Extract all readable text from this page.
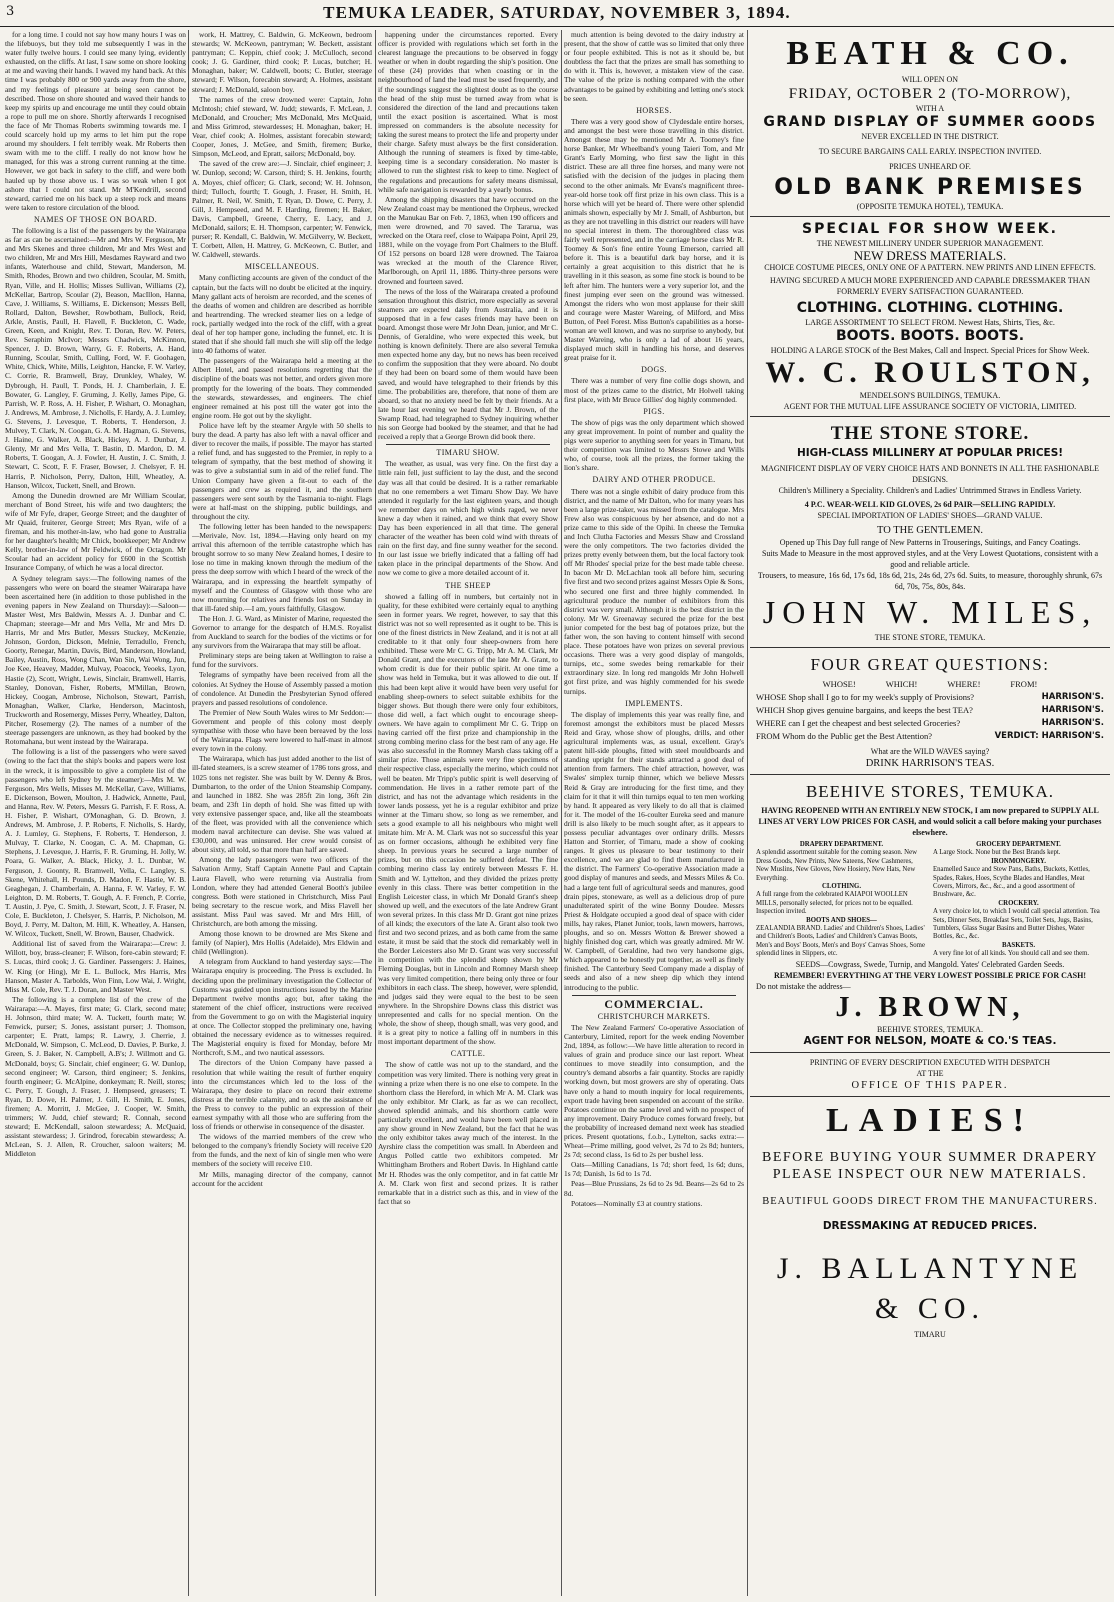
3	TEMUKA LEADER, SATURDAY, NOVEMBER 3, 1894.

for a long time. I could not say how many hours I was on the lifebuoys, but they told me subsequently I was in the water fully twelve hours. I could see many lying, evidently exhausted, on the cliffs. At last, I saw some on shore looking at me and waving their hands. I waved my hand back. At this time I was probably 800 or 900 yards away from the shore, and my feelings of pleasure at being seen cannot be described. Those on shore shouted and waved their hands to keep my spirits up and encourage me until they could obtain a rope to pull me on shore. Shortly afterwards I recognised the face of Mr Thomas Roberts swimming towards me. I could scarcely hold up my arms to let him put the rope around my shoulders. I felt terribly weak. Mr Roberts then swam with me to the cliff. I really do not know how he managed, for this was a strong current running at the time. However, we got back in safety to the cliff, and were both hauled up by those above us. I was so weak when I got ashore that I could not stand. Mr M'Kendrill, second steward, carried me on his back up a steep rock and means were taken to restore circulation of the blood.

NAMES OF THOSE ON BOARD.

The following is a list of the passengers by the Wairarapa as far as can be ascertained:—Mr and Mrs W. Ferguson, Mr and Mrs Skenes and three children, Mr and Mrs West and two children, Mr and Mrs Hill, Mesdames Rayward and two infants, Waterhouse and child, Stewart, Manderson, M. Smith, Rhodes, Brown and two children, Scoular, M. Smith, Ryan, Ville, and H. Hollis; Misses Sullivan, Williams (2), McKellar, Bartrop, Scoular (2), Beason, MacIllon, Hanna, Cave, J. Williams, S. Williams, E. Dickenson; Messrs Bell, Rollard, Dalton, Bewsher, Rowbotham, Bullock, Reid, Arkle, Anstis, Paull, H. Flavell, F. Buckleton, C. Wade, Green, Keen, and Knight, Rev. T. Doran, Rev. W. Peters, Rev. Seraphim McIvor; Messrs Chadwick, McKinnon, Spencer, J. D. Brown, Warry, G. F. Roberts, A. Hand, Running, Scoular, Smith, Culling, Ford, W. F. Goohagen, White, Chick, White, Mills, Leighton, Hancke, F. W. Varley, C. Corrie, R. Bramwell, Bray, Drunkley, Whaley, W. Dybrough, H. Paull, T. Ponds, H. J. Chamberlain, J. E. Bowater, G. Langley, F. Gruming, J. Kelly, James Pipe, G. Parrish, W. P. Ross, A. H. Fisher, P. Wishart, O. Monaghan, J. Andrews, M. Ambrose, J. Nicholls, F. Hardy, A. J. Lumley, G. Stevens, J. Levesque, T. Roberts, T. Henderson, J. Mulvey, T. Clark, N. Coogan, G. A. M. Hagman, G. Stevens, J. Haine, G. Walker, A. Black, Hickey, A. J. Dunbar, J. Glenty, Mr and Mrs Vella, T. Bastin, D. Mardon, D. M. Roberts, T. Googan, A. J. Fowler, H. Austin, J. C. Smith, J. Stewart, C. Scott, F. F. Fraser, Bowser, J. Chelsyer, F. H. Harris, P. Nicholson, Perry, Dalton, Hill, Wheatley, A. Hanson, Wilcox, Tuckett, Snell, and Brown.

Among the Dunedin drowned are Mr William Scoular, merchant of Bond Street, his wife and two daughters; the wife of Mr Fyfe, draper, George Street; and the daughter of Mr Quaid, fruiterer, George Street; Mrs Ryan, wife of a fireman, and his mother-in-law, who had gone to Australia for her daughter's health; Mr Chick, bookkeeper; Mr Andrew Kelly, brother-in-law of Mr Feldwick, of the Octagon. Mr Scoular had an accident policy for £600 in the Scottish Insurance Company, of which he was a local director.

A Sydney telegram says:—The following names of the passengers who were on board the steamer Wairarapa have been ascertained here (in addition to those published in the evening papers in New Zealand on Thursday):—Saloon—Master West, Mrs Baldwin, Messrs A. J. Dunbar and C. Chapman; steerage—Mr and Mrs Vella, Mr and Mrs D. Harris, Mr and Mrs Butler, Messrs Stuckey, McKenzie, Johnson, Gordon, Dickson, Melnie, Terradullo, French, Goorty, Renegar, Martin, Davis, Bird, Manderson, Howland, Bailey, Austin, Ross, Wong Chan, Wan Sin, Wai Wong, Jun, Joe Kee, Heavey, Madder, Mulvay, Poacock, Yeoeks, Lyon, Hastie (2), Scott, Wright, Lewis, Sinclair, Bramwell, Harris, Stanley, Donovan, Fisher, Roberts, M'Millan, Brown, Hickey, Coogan, Ambrose, Nicholson, Stewart, Parrish, Monaghan, Walker, Clarke, Henderson, Macintosh, Truckworth and Rosemergy, Misses Perry, Wheatley, Dalton, Pitcher, Rosemergy (2). The names of a number of the steerage passengers are unknown, as they had booked by the Rotomahana, but went instead by the Wairarapa.

The following is a list of the passengers who were saved (owing to the fact that the ship's books and papers were lost in the wreck, it is impossible to give a complete list of the passengers who left Sydney by the steamer):—Mrs M. W. Ferguson, Mrs Wells, Misses M. McKellar, Cave, Williams, E. Dickenson, Bowen, Moulton, J. Hadwick, Annette, Paul, and Hanna, Rev. W. Peters, Messrs G. Parrish, F. F. Ross, A. H. Fisher, P. Wishart, O'Monaghan, G. D. Brown, J. Andrews, M. Ambrose, J. P. Roberts, F. Nicholls, S. Hardy, A. J. Lumley, G. Stephens, F. Roberts, T. Henderson, J. Mulvay, T. Clarke, N. Coogan, C. A. M. Chapman, G. Stephens, J. Levesque, J. Harris, F. R. Gruming, H. Jolly, W. Poara, G. Walker, A. Black, Hicky, J. L. Dunbar, W. Ferguson, J. Goonty, R. Bramwell, Vella, C. Langley, S. Skene, Whitehall, H. Pounds, D. Madon, F. Hastie, W. B. Geaghegan, J. Chamberlain, A. Hanna, F. W. Varley, F. W. Leighton, D. M. Roberts, T. Gough, A. F. French, P. Corrie, T. Austin, J. Pye, C. Smith, J. Stewart, Scott, J. F. Fraser, N. Cole, E. Buckleton, J. Chelsyer, S. Harris, P. Nicholson, M. Boyd, J. Perry, M. Dalton, M. Hill, K. Wheatley, A. Hansen, W. Wilcox, Tuckett, Snell, W. Brown, Bauser, Chadwick.

Additional list of saved from the Wairarapa:—Crew: J. Willott, boy, brass-cleaner; F. Wilson, fore-cabin steward; F. S. Lucas, third cook; J. G. Gardiner. Passengers: J. Haines, W. King (or Hing), Mr E. L. Bullock, Mrs Harris, Mrs Hanson, Master A. Tarbolds, Won Finn, Low Wai, J. Wright, Miss M. Cole, Rev. T. J. Doran, and Master West.

The following is a complete list of the crew of the Wairarapa:—A. Mayes, first mate; G. Clark, second mate; H. Johnson, third mate; W. A. Tuckett, fourth mate; W. Fenwick, purser; S. Jones, assistant purser; J. Thomson, carpenter; E. Pratt, lamps; R. Lawry, J. Cherrie, J. McDonald, W. Simpson, C. McLeod, D. Davies, P. Burke, J. Green, S. J. Baker, N. Campbell, A.B's; J. Willmott and G. McDonald, boys; G. Sinclair, chief engineer; G. W. Dunlop, second engineer; W. Carson, third engineer; S. Jenkins, fourth engineer; G. McAlpine, donkeyman; R. Neill, stores; C. Perry, T. Gough, J. Fraser, J. Hempseed, greasers; T. Ryan, D. Dowe, H. Palmer, J. Gill, H. Smith, E. Jones, firemen; A. Morritt, J. McGee, J. Cooper, W. Smith, trimmers; W. Judd, chief steward; R. Connah, second steward; E. McKendall, saloon stewardess; A. McQuaid, assistant stewardess; J. Grindrod, forecabin stewardess; A. McLean, S. J. Allen, R. Croucher, saloon waiters; M. Middleton

work, H. Mattrey, C. Baldwin, G. McKeown, bedroom stewards; W. McKeown, pantryman; W. Beckett, assistant pantryman; C. Keppin, chief cook; J. McCulloch, second cook; J. G. Gardiner, third cook; P. Lucas, butcher; H. Monaghan, baker; W. Caldwell, boots; C. Butler, steerage steward; F. Wilson, forecabin steward; A. Holmes, assistant steward; J. McDonald, saloon boy.

The names of the crew drowned were: Captain, John McIntosh; chief steward, W. Judd; stewards, F. McLean, J. McDonald, and Croucher; Mrs McDonald, Mrs McQuaid, and Miss Grimrod, stewardesses; H. Monaghan, baker; H. Vear, chief cook; A. Holmes, assistant forecabin steward; Cooper, Jones, J. McGee, and Smith, firemen; Burke, Simpson, McLeod, and Epratt, sailors; McDonald, boy.

The saved of the crew are:—J. Sinclair, chief engineer; J. W. Dunlop, second; W. Carson, third; S. H. Jenkins, fourth; A. Moyes, chief officer; G. Clark, second; W. H. Johnson, third; Tulloch, fourth; T. Gough, J. Fraser, H. Smith, H. Palmer, R. Neil, W. Smith, T. Ryan, D. Dowe, C. Perry, J. Gill, J. Hempseed, and M. F. Harding, firemen; H. Baker, Davis, Campbell, Greene, Cherry, E. Lacy, and J. McDonald, sailors; E. H. Thompson, carpenter; W. Fenwick, purser; R. Kendall, C. Baldwin, W. McGilverry, W. Beckett, T. Corbett, Allen, H. Mattrey, G. McKeown, C. Butler, and W. Caldwell, stewards.

MISCELLANEOUS.

Many conflicting accounts are given of the conduct of the captain, but the facts will no doubt be elicited at the inquiry. Many gallant acts of heroism are recorded, and the scenes of the deaths of women and children are described as horrible and heartrending. The wrecked steamer lies on a ledge of rock, partially wedged into the rock of the cliff, with a great deal of her top hamper gone, including the funnel, etc. It is stated that if she should fall much she will slip off the ledge into 40 fathoms of water.

The passengers of the Wairarapa held a meeting at the Albert Hotel, and passed resolutions regretting that the discipline of the boats was not better, and orders given more promptly for the lowering of the boats. They commended the stewards, stewardesses, and engineers. The chief engineer remained at his post till the water got into the engine room. He got out by the skylight.

Police have left by the steamer Argyle with 50 shells to bury the dead. A party has also left with a naval officer and diver to recover the mails, if possible. The mayor has started a relief fund, and has suggested to the Premier, in reply to a telegram of sympathy, that the best method of showing it was to give a substantial sum in aid of the relief fund. The Union Company have given a fit-out to each of the passengers and crew as required it, and the southern passengers were sent south by the Tasmania to-night. Flags were at half-mast on the shipping, public buildings, and throughout the city.

The following letter has been handed to the newspapers:—Merivale, Nov. 1st, 1894.—Having only heard on my arrival this afternoon of the terrible catastrophe which has brought sorrow to so many New Zealand homes, I desire to lose no time in making known through the medium of the press the deep sorrow with which I heard of the wreck of the Wairarapa, and in expressing the heartfelt sympathy of myself and the Countess of Glasgow with those who are now mourning for relatives and friends lost on Sunday in that ill-fated ship.—I am, yours faithfully, Glasgow.

The Hon. J. G. Ward, as Minister of Marine, requested the Governor to arrange for the despatch of H.M.S. Royalist from Auckland to search for the bodies of the victims or for any survivors from the Wairarapa that may still be afloat.

Preliminary steps are being taken at Wellington to raise a fund for the survivors.

Telegrams of sympathy have been received from all the colonies. At Sydney the House of Assembly passed a motion of condolence. At Dunedin the Presbyterian Synod offered prayers and passed resolutions of condolence.

The Premier of New South Wales wires to Mr Seddon:—Government and people of this colony most deeply sympathise with those who have been bereaved by the loss of the Wairarapa. Flags were lowered to half-mast in almost every town in the colony.

The Wairarapa, which has just added another to the list of ill-fated steamers, is a screw steamer of 1786 tons gross, and 1025 tons net register. She was built by W. Denny & Bros, Dumbarton, to the order of the Union Steamship Company, and launched in 1882. She was 285ft 2in long, 36ft 2in beam, and 23ft 1in depth of hold. She was fitted up with very extensive passenger space, and, like all the steamboats of the fleet, was provided with all the convenience which modern naval architecture can devise. She was valued at £30,000, and was uninsured. Her crew would consist of about sixty, all told, so that more than half are saved.

Among the lady passengers were two officers of the Salvation Army, Staff Captain Annette Paul and Captain Laura Flavell, who were returning via Australia from London, where they had attended General Booth's jubilee congress. Both were stationed in Christchurch, Miss Paul being secretary to the rescue work, and Miss Flavell her assistant. Miss Paul was saved. Mr and Mrs Hill, of Christchurch, are both among the missing.

Among those known to be drowned are Mrs Skene and family (of Napier), Mrs Hollis (Adelaide), Mrs Eldwin and child (Wellington).

A telegram from Auckland to hand yesterday says:—The Wairarapa enquiry is proceeding. The Press is excluded. In deciding upon the preliminary investigation the Collector of Customs was guided upon instructions issued by the Marine Department twelve months ago; but, after taking the statement of the chief officer, instructions were received from the Government to go on with the Magisterial inquiry at once. The Collector stopped the preliminary one, having obtained the necessary evidence as to witnesses required. The Magisterial enquiry is fixed for Monday, before Mr Northcroft, S.M., and two nautical assessors.

The directors of the Union Company have passed a resolution that while waiting the result of further enquiry into the circumstances which led to the loss of the Wairarapa, they desire to place on record their extreme distress at the terrible calamity, and to ask the assistance of the Press to convey to the public an expression of their earnest sympathy with all those who are suffering from the loss of friends or otherwise in consequence of the disaster.

The widows of the married members of the crew who belonged to the company's friendly Society will receive £20 from the funds, and the next of kin of single men who were members of the society will receive £10.

Mr Mills, managing director of the company, cannot account for the accident

happening under the circumstances reported. Every officer is provided with regulations which set forth in the clearest language the precautions to be observed in foggy weather or when in doubt regarding the ship's position. One of these (24) provides that when coasting or in the neighbourhood of land the lead must be used frequently, and if the soundings suggest the slightest doubt as to the course the head of the ship must be turned away from what is considered the direction of the land and precautions taken until the exact position is ascertained. What is most impressed on commanders is the absolute necessity for taking the surest means to protect the life and property under their charge. Safety must always be the first consideration. Although the running of steamers is fixed by time-table, keeping time is a secondary consideration. No master is allowed to run the slightest risk to keep to time. Neglect of the regulations and precautions for safety means dismissal, while safe navigation is rewarded by a yearly bonus.

Among the shipping disasters that have occurred on the New Zealand coast may be mentioned the Orpheus, wrecked on the Manukau Bar on Feb. 7, 1863, when 190 officers and men were drowned, and 70 saved. The Tararua, was wrecked on the Otara reef, close to Waipapa Point, April 29, 1881, while on the voyage from Port Chalmers to the Bluff. Of 152 persons on board 128 were drowned. The Taiaroa was wrecked at the mouth of the Clarence River, Marlborough, on April 11, 1886. Thirty-three persons were drowned and fourteen saved.

The news of the loss of the Wairarapa created a profound sensation throughout this district, more especially as several steamers are expected daily from Australia, and it is supposed that in a few cases friends may have been on board. Amongst those were Mr John Dean, junior, and Mr C. Dennis, of Geraldine, who were expected this week, but nothing is known definitely. There are also several Temuka men expected home any day, but no news has been received to confirm the supposition that they were aboard. No doubt if they had been on board some of them would have been saved, and would have telegraphed to their friends by this time. The probabilities are, therefore, that none of them are aboard, so that no anxiety need be felt by their friends. At a late hour last evening we heard that Mr J. Brown, of the Swamp Road, had telegraphed to Sydney inquiring whether his son George had booked by the steamer, and that he had received a reply that a George Brown did book there.

TIMARU SHOW.

The weather, as usual, was very fine. On the first day a little rain fell, just sufficient to lay the dust, and the second day was all that could be desired. It is a rather remarkable that no one remembers a wet Timaru Show Day. We have attended it regularly for the last eighteen years, and though we remember days on which high winds raged, we never knew a day when it rained, and we think that every Show Day has been experienced in all that time. The general character of the weather has been cold wind with threats of rain on the first day, and fine sunny weather for the second. In our last issue we briefly indicated that a falling off had taken place in the principal departments of the Show. And now we come to give a more detailed account of it.

THE SHEEP

showed a falling off in numbers, but certainly not in quality, for these exhibited were certainly equal to anything seen in former years. We regret, however, to say that this district was not so well represented as it ought to be. This is one of the finest districts in New Zealand, and it is not at all creditable to it that only four sheep-owners from here exhibited. These were Mr C. G. Tripp, Mr A. M. Clark, Mr Donald Grant, and the executors of the late Mr A. Grant, to whom credit is due for their public spirit. At one time a show was held in Temuka, but it was allowed to die out. If this had been kept alive it would have been very useful for enabling sheep-owners to select suitable exhibits for the bigger shows. But though there were only four exhibitors, those did well, a fact which ought to encourage sheep-owners. We have again to compliment Mr C. G. Tripp on having carried off the first prize and championship in the strong combing merino class for the best ram of any age. He was also successful in the Romney Marsh class taking off a similar prize. Those animals were very fine specimens of their respective class, especially the merino, which could not well be beaten. Mr Tripp's public spirit is well deserving of commendation. He lives in a rather remote part of the district, and has not the advantage which residents in the lower lands possess, yet he is a regular exhibitor and prize winner at the Timaru show, so long as we remember, and sets a good example to all his neighbours who might well imitate him. Mr A. M. Clark was not so successful this year as on former occasions, although he exhibited very fine sheep. In previous years he secured a large number of prizes, but on this occasion he suffered defeat. The fine combing merino class lay entirely between Messrs F. H. Smith and W. Lyttelton, and they divided the prizes pretty evenly in this class. There was better competition in the English Leicester class, in which Mr Donald Grant's sheep showed up well, and the executors of the late Andrew Grant won several prizes. In this class Mr D. Grant got nine prizes of all kinds; the executors of the late A. Grant also took two first and two second prizes, and as both came from the same estate, it must be said that the stock did remarkably well in the Border Leicesters also Mr D. Grant was very successful in competition with the splendid sheep shown by Mr Fleming Douglas, but in Lincoln and Romney Marsh sheep was very limited competition, there being only three or four exhibitors in each class. The sheep, however, were splendid, and judges said they were equal to the best to be seen anywhere. In the Shropshire Downs class this district was unrepresented and calls for no special mention. On the whole, the show of sheep, though small, was very good, and it is a great pity to notice a falling off in numbers in this most important department of the show.

CATTLE.

The show of cattle was not up to the standard, and the competition was very limited. There is nothing very great in winning a prize when there is no one else to compete. In the shorthorn class the Hereford, in which Mr A. M. Clark was the only exhibitor. Mr Clark, as far as we can recollect, showed splendid animals, and his shorthorn cattle were particularly excellent, and would have been well placed in any show ground in New Zealand, but the fact that he was the only exhibitor takes away much of the interest. In the Ayrshire class the competition was small. In Aberdeen and Angus Polled cattle two exhibitors competed. Mr Whittingham Brothers and Robert Davis. In Highland cattle Mr H. Rhodes was the only competitor, and in fat cattle Mr A. M. Clark won first and second prizes. It is rather remarkable that in a district such as this, and in view of the fact that so

much attention is being devoted to the dairy industry at present, that the show of cattle was so limited that only three or four people exhibited. This is not as it should be, but doubtless the fact that the prizes are small has something to do with it. This is, however, a mistaken view of the case. The value of the prize is nothing compared with the other advantages to be gained by exhibiting and letting one's stock be seen.

HORSES.

There was a very good show of Clydesdale entire horses, and amongst the best were those travelling in this district. Amongst these may be mentioned Mr A. Toomey's fine horse Banker, Mr Wheelband's young Taieri Tom, and Mr Grant's Early Morning, who first saw the light in this district. These are all three fine horses, and many were not satisfied with the decision of the judges in placing them second to the other animals. Mr Evans's magnificent three-year-old horse took off first prize in his own class. This is a horse which will yet be heard of. There were other splendid animals shown, especially by Mr J. Small, of Ashburton, but as they are not travelling in this district our readers will have no special interest in them. The thoroughbred class was fairly well represented, and in the carriage horse class Mr R. Toomey & Son's fine entire Young Emerson, carried all before it. This is a beautiful dark bay horse, and it is certainly a great acquisition to this district that he is travelling in it this season, as some fine stock is bound to be left after him. The hunters were a very superior lot, and the finest jumping ever seen on the ground was witnessed. Amongst the riders who won most applause for their skill and courage were Master Wareing, of Milford, and Miss Button, of Peel Forest. Miss Button's capabilities as a horse-woman are well known, and was no surprise to anybody, but Master Wareing, who is only a lad of about 16 years, displayed much skill in handling his horse, and deserves great praise for it.

DOGS.

There was a number of very fine collie dogs shown, and most of the prizes came to the district, Mr Holwell taking first place, with Mr Bruce Gillies' dog highly commended.

PIGS.

The show of pigs was the only department which showed any great improvement. In point of number and quality the pigs were superior to anything seen for years in Timaru, but their competition was limited to Messrs Stowe and Wills who, of course, took all the prizes, the former taking the lion's share.

DAIRY AND OTHER PRODUCE.

There was not a single exhibit of dairy produce from this district, and the name of Mr Dalton, who for many years has been a large prize-taker, was missed from the catalogue. Mrs Frew also was conspicuous by her absence, and do not a prize came to this side of the Opihi. In cheese the Temuka and Inch Clutha Factories and Messrs Shaw and Crossland were the only competitors. The two factories divided the prizes pretty evenly between them, but the local factory took off Mr Rhodes' special prize for the best made table cheese. In bacon Mr D. McLachlan took all before him, securing five first and two second prizes against Messrs Opie & Sons, who secured one first and three highly commended. In agricultural produce the number of exhibitors from this district was very small. Although it is the best district in the colony. Mr W. Greenaway secured the prize for the best junior competed for the best bag of potatoes prize, but the father won, the son having to content himself with second place. These potatoes have won prizes on several previous occasions. There was a very good display of mangolds, turnips, etc., some swedes being remarkable for their extraordinary size. In long red mangolds Mr John Holwell got first prize, and was highly commended for his swede turnips.

IMPLEMENTS.

The display of implements this year was really fine, and foremost amongst the exhibitors must be placed Messrs Reid and Gray, whose show of ploughs, drills, and other agricultural implements was, as usual, excellent. Gray's patent hill-side ploughs, fitted with steel mouldboards and standing upright for their stands attracted a good deal of attention from farmers. The chief attraction, however, was Swales' simplex turnip thinner, which we believe Messrs Reid & Gray are introducing for the first time, and they claim for it that it will thin turnips equal to ten men working by hand. It appeared as very likely to do all that is claimed for it. The model of the 16-coulter Eureka seed and manure drill is also likely to be much sought after, as it appears to possess peculiar advantages over ordinary drills. Messrs Hatton and Storrier, of Timaru, made a show of cooking ranges. It gives us pleasure to bear testimony to their excellence, and we are glad to find them manufactured in the district. The Farmers' Co-operative Association made a good display of manures and seeds, and Messrs Miles & Co. had a large tent full of agricultural seeds and manures, good drain pipes, stoneware, as well as a delicious drop of pure unadulterated spirit of the wine Bonny Doudee. Messrs Priest & Holdgate occupied a good deal of space with cider mills, hay rakes, Planet Junior, tools, lawn mowers, harrows, ploughs, and so on. Messrs Wotton & Brewer showed a highly finished dog cart, which was greatly admired. Mr W. W. Campbell, of Geraldine, had two very handsome gigs, which appeared to be honestly put together, as well as finely finished. The Canterbury Seed Company made a display of seeds and also of a new sheep dip which they intend introducing to the public.

COMMERCIAL.

CHRISTCHURCH MARKETS.

The New Zealand Farmers' Co-operative Association of Canterbury, Limited, report for the week ending November 2nd, 1894, as follow:—We have little alteration to record in values of grain and produce since our last report. Wheat continues to move steadily into consumption, and the country's demand absorbs a fair quantity. Stocks are rapidly working down, but most growers are shy of operating. Oats have only a hand to mouth inquiry for local requirements, export trade having been suspended on account of the strike. Potatoes continue on the same level and with no prospect of any improvement. Dairy Produce comes forward freely, but the probability of increased demand next week has steadied prices. Present quotations, f.o.b., Lyttelton, sacks extra:—Wheat—Prime milling, good velvet, 2s 7d to 2s 8d; hunters, 2s 7d; second class, 1s 6d to 2s per bushel less.

Oats—Milling Canadians, 1s 7d; short feed, 1s 6d; duns, 1s 7d; Danish, 1s 6d to 1s 7d.

Peas—Blue Prussians, 2s 6d to 2s 9d. Beans—2s 6d to 2s 8d.

Potatoes—Nominally £3 at country stations.

BEATH & CO.
WILL OPEN ON
FRIDAY, OCTOBER 2 (TO-MORROW),
WITH A
GRAND DISPLAY OF SUMMER GOODS
NEVER EXCELLED IN THE DISTRICT.
TO SECURE BARGAINS CALL EARLY. INSPECTION INVITED.
PRICES UNHEARD OF.
OLD BANK PREMISES
(OPPOSITE TEMUKA HOTEL), TEMUKA.
SPECIAL FOR SHOW WEEK.
THE NEWEST MILLINERY UNDER SUPERIOR MANAGEMENT.
NEW DRESS MATERIALS.
CHOICE COSTUME PIECES, ONLY ONE OF A PATTERN. NEW PRINTS AND LINEN EFFECTS.
HAVING SECURED A MUCH MORE EXPERIENCED AND CAPABLE DRESSMAKER THAN FORMERLY EVERY SATISFACTION GUARANTEED.
CLOTHING. CLOTHING. CLOTHING.
LARGE ASSORTMENT TO SELECT FROM. Newest Hats, Shirts, Ties, &c.
BOOTS. BOOTS. BOOTS.
HOLDING A LARGE STOCK of the Best Makes, Call and Inspect. Special Prices for Show Week.
W. C. ROULSTON,
MENDELSON'S BUILDINGS, TEMUKA.
AGENT FOR THE MUTUAL LIFE ASSURANCE SOCIETY OF VICTORIA, LIMITED.
THE STONE STORE.
HIGH-CLASS MILLINERY AT POPULAR PRICES!
MAGNIFICENT DISPLAY OF VERY CHOICE HATS AND BONNETS IN ALL THE FASHIONABLE DESIGNS.
Children's Millinery a Speciality. Children's and Ladies' Untrimmed Straws in Endless Variety.
4 P.C. WEAR-WELL KID GLOVES, 2s 6d PAIR—SELLING RAPIDLY.
SPECIAL IMPORTATION OF LADIES' SHOES—GRAND VALUE.
TO THE GENTLEMEN.
Opened up This Day full range of New Patterns in Trouserings, Suitings, and Fancy Coatings.
Suits Made to Measure in the most approved styles, and at the Very Lowest Quotations, consistent with a good and reliable article.
Trousers, to measure, 16s 6d, 17s 6d, 18s 6d, 21s, 24s 6d, 27s 6d. Suits, to measure, thoroughly shrunk, 67s 6d, 70s, 75s, 80s, 84s.
JOHN W. MILES,
THE STONE STORE, TEMUKA.
FOUR GREAT QUESTIONS:
WHOSE!	WHICH!	WHERE!	FROM!
WHOSE Shop shall I go to for my week's supply of Provisions?	HARRISON'S.
WHICH Shop gives genuine bargains, and keeps the best TEA?	HARRISON'S.
WHERE can I get the cheapest and best selected Groceries?	HARRISON'S.
FROM Whom do the Public get the Best Attention?	VERDICT: HARRISON'S.
What are the WILD WAVES saying?
DRINK HARRISON'S TEAS.
BEEHIVE STORES, TEMUKA.
HAVING REOPENED WITH AN ENTIRELY NEW STOCK, I am now prepared to SUPPLY ALL LINES AT VERY LOW PRICES FOR CASH, and would solicit a call before making your purchases elsewhere.
DRAPERY DEPARTMENT.
A splendid assortment suitable for the coming season. New Dress Goods, New Prints, New Sateens, New Cashmeres, New Muslins, New Gloves, New Hosiery, New Hats, New Everything.
CLOTHING.
A full range from the celebrated KAIAPOI WOOLLEN MILLS, personally selected, for prices not to be equalled. Inspection invited.
BOOTS AND SHOES—
ZEALANDIA BRAND. Ladies' and Children's Shoes, Ladies' and Children's Boots, Ladies' and Children's Canvas Boots, Men's and Boys' Boots, Men's and Boys' Canvas Shoes, Some splendid lines in Slippers, etc.
GROCERY DEPARTMENT.
A Large Stock. None but the Best Brands kept.
IRONMONGERY.
Enamelled Sauce and Stew Pans, Baths, Buckets, Kettles, Spades, Rakes, Hoes, Scythe Blades and Handles, Meat Covers, Mirrors, &c., &c., and a good assortment of Brushware, &c.
CROCKERY.
A very choice lot, to which I would call special attention. Tea Sets, Dinner Sets, Breakfast Sets, Toilet Sets, Jugs, Basins, Tumblers, Glass Sugar Basins and Butter Dishes, Water Bottles, &c., &c.
BASKETS.
A very fine lot of all kinds. You should call and see them.
SEEDS—Cowgrass, Swede, Turnip, and Mangold. Yates' Celebrated Garden Seeds.
REMEMBER! EVERYTHING AT THE VERY LOWEST POSSIBLE PRICE FOR CASH!
Do not mistake the address—
J. BROWN,
BEEHIVE STORES, TEMUKA.
AGENT FOR NELSON, MOATE & CO.'S TEAS.
PRINTING OF EVERY DESCRIPTION EXECUTED WITH DESPATCH
AT THE
OFFICE OF THIS PAPER.
LADIES!
BEFORE BUYING YOUR SUMMER DRAPERY PLEASE INSPECT OUR NEW MATERIALS.
BEAUTIFUL GOODS DIRECT FROM THE MANUFACTURERS.
DRESSMAKING AT REDUCED PRICES.
J. BALLANTYNE & CO.
TIMARU
